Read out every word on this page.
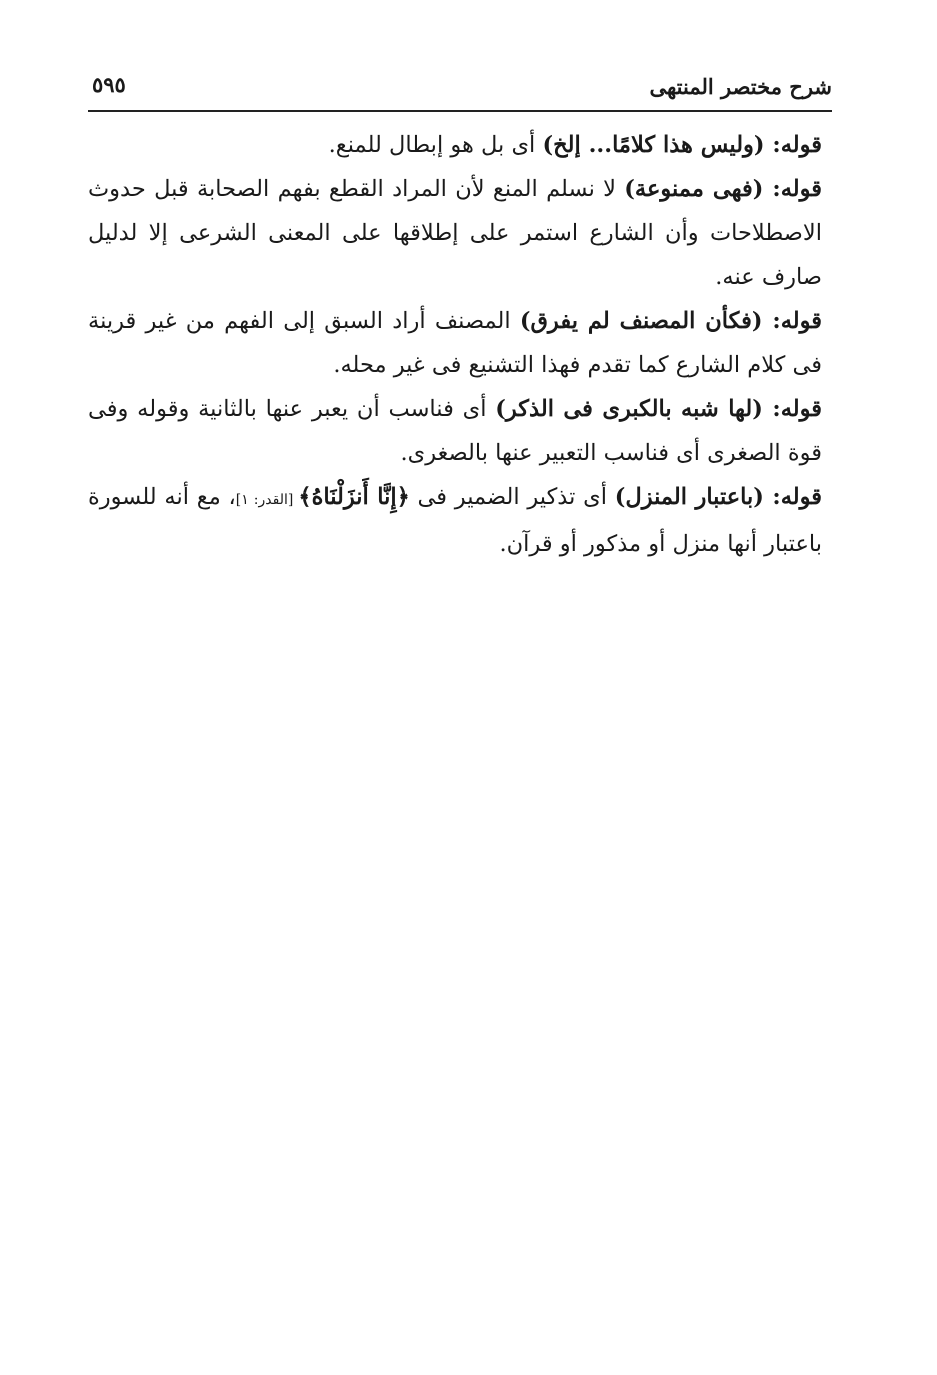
شرح مختصر المنتهى
٥٩٥

قوله: (وليس هذا كلامًا... إلخ) أى بل هو إبطال للمنع.

قوله: (فهى ممنوعة) لا نسلم المنع لأن المراد القطع بفهم الصحابة قبل حدوث الاصطلاحات وأن الشارع استمر على إطلاقها على المعنى الشرعى إلا لدليل صارف عنه.

قوله: (فكأن المصنف لم يفرق) المصنف أراد السبق إلى الفهم من غير قرينة فى كلام الشارع كما تقدم فهذا التشنيع فى غير محله.

قوله: (لها شبه بالكبرى فى الذكر) أى فناسب أن يعبر عنها بالثانية وقوله وفى قوة الصغرى أى فناسب التعبير عنها بالصغرى.

قوله: (باعتبار المنزل) أى تذكير الضمير فى ﴿إِنَّا أَنزَلْنَاهُ﴾ [القدر: ١]، مع أنه للسورة باعتبار أنها منزل أو مذكور أو قرآن.
